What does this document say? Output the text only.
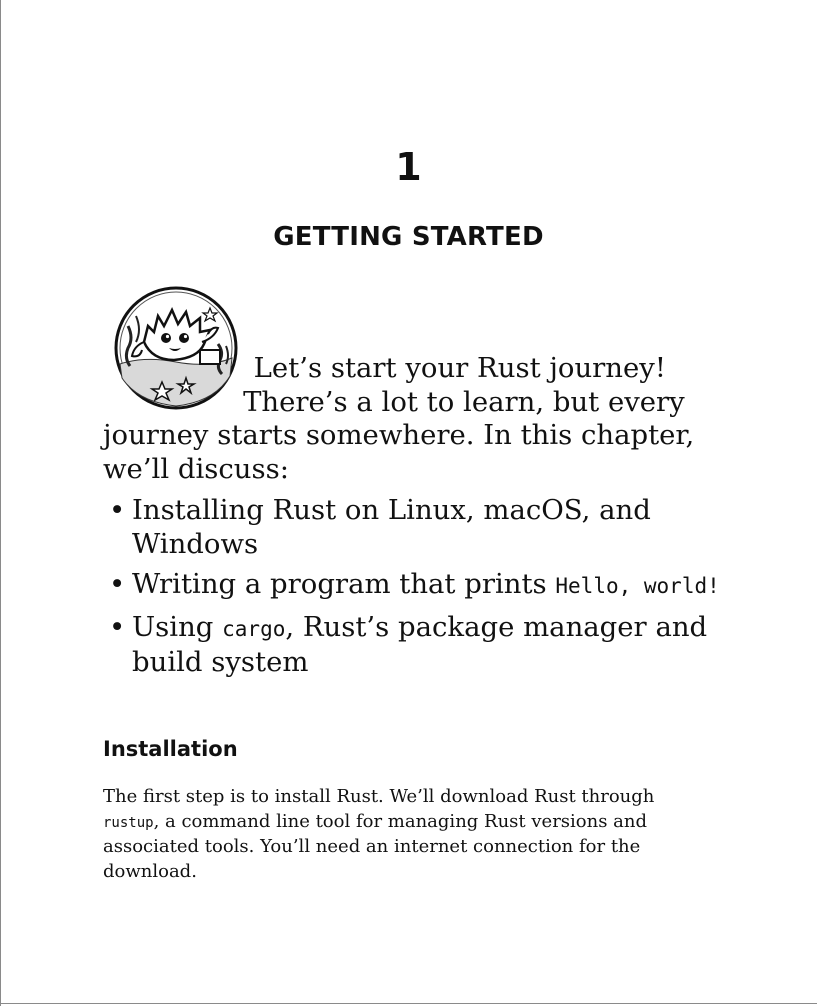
1
GETTING STARTED
Let’s start your Rust journey! There’s a lot to learn, but every journey starts somewhere. In this chapter, we’ll discuss:
• Installing Rust on Linux, macOS, and Windows
• Writing a program that prints Hello, world!
• Using cargo, Rust’s package manager and build system
Installation

The first step is to install Rust. We’ll download Rust through rustup, a command line tool for managing Rust versions and associated tools. You’ll need an internet connection for the download.
